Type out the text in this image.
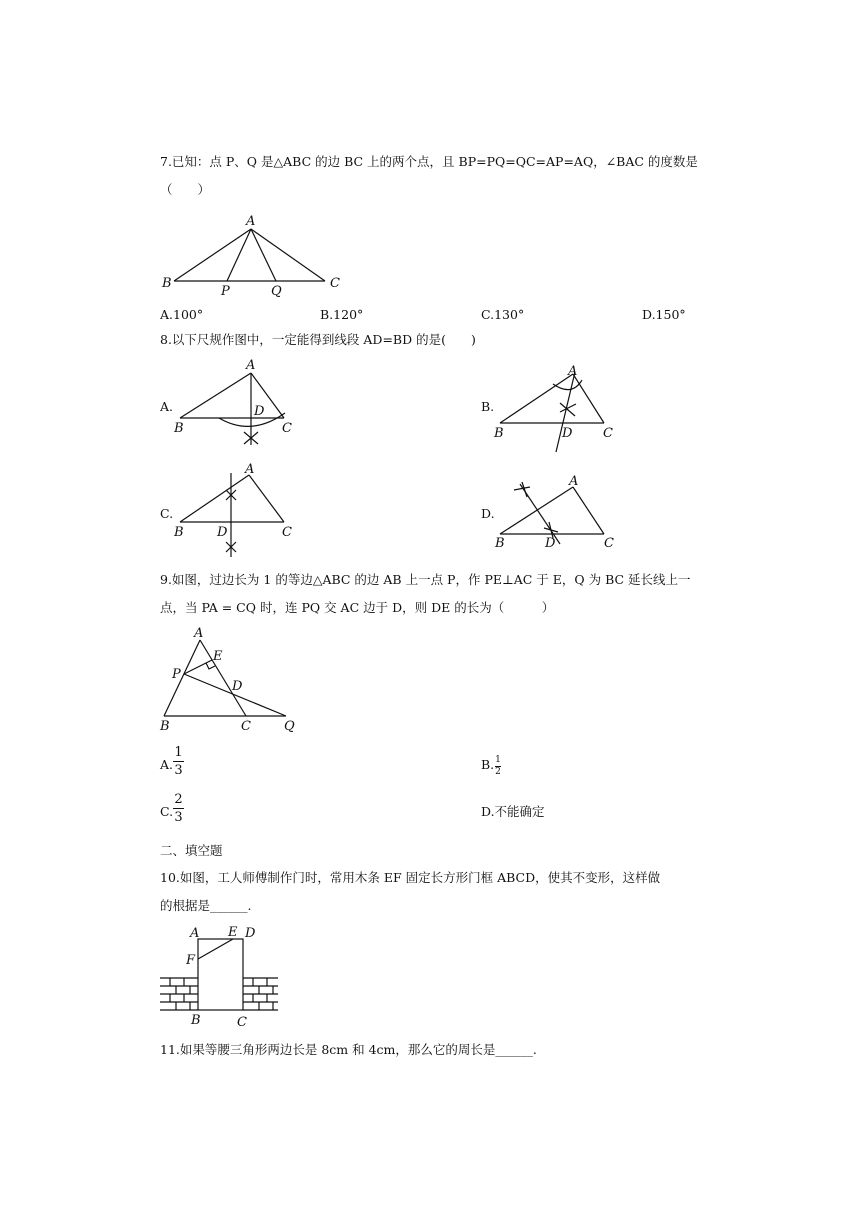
7.已知：点 P、Q 是△ABC 的边 BC 上的两个点，且 BP=PQ=QC=AP=AQ，∠BAC 的度数是
（　　）
A
B	C
P	Q
A.100°	B.120°	C.130°	D.150°
8.以下尺规作图中，一定能得到线段 AD=BD 的是(　　)
A.	B.
C.	D.
A
B	C
D
A
B	C
D
A
B	C
D
A
B	C
D
9.如图，过边长为 1 的等边△ABC 的边 AB 上一点 P，作 PE⊥AC 于 E，Q 为 BC 延长线上一
点，当 PA = CQ 时，连 PQ 交 AC 边于 D，则 DE 的长为（　　　）
A
E
P
D
B	C	Q
A.
1
3	B. 1
2
C.
2
3	D.不能确定
二、填空题
10.如图，工人师傅制作门时，常用木条 EF 固定长方形门框 ABCD，使其不变形，这样做
的根据是______.
A E D
F
B	C
11.如果等腰三角形两边长是 8cm 和 4cm，那么它的周长是______.
